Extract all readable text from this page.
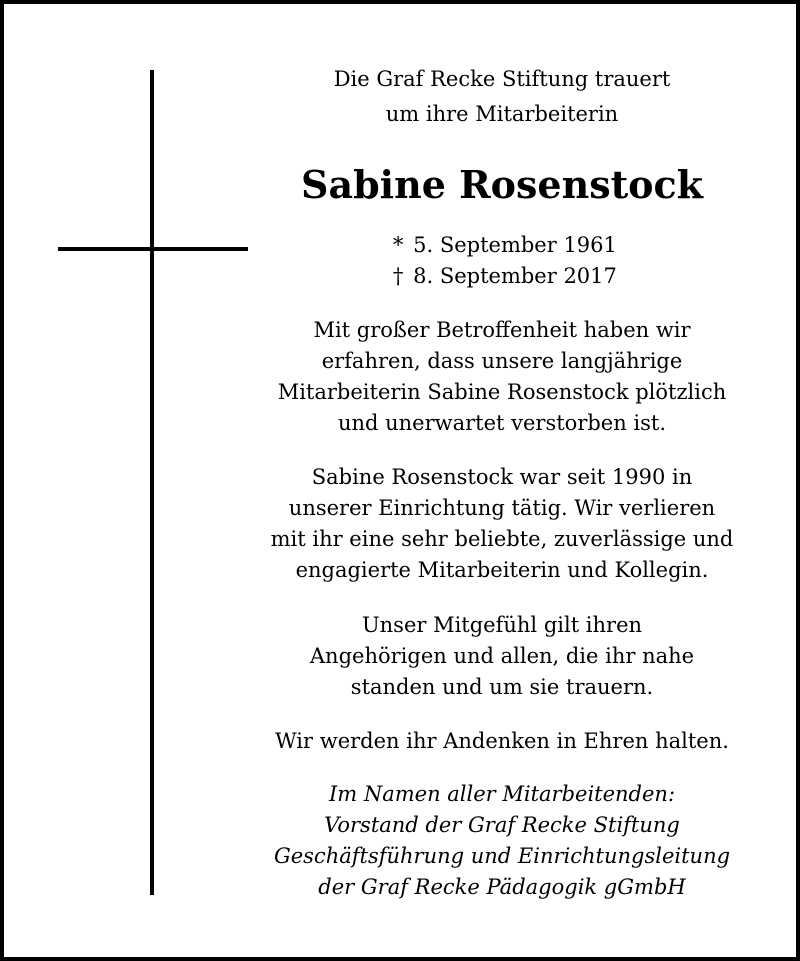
Die Graf Recke Stiftung trauert
um ihre Mitarbeiterin
Sabine Rosenstock
* 5. September 1961
† 8. September 2017

Mit großer Betroffenheit haben wir
erfahren, dass unsere langjährige
Mitarbeiterin Sabine Rosenstock plötzlich
und unerwartet verstorben ist.

Sabine Rosenstock war seit 1990 in
unserer Einrichtung tätig. Wir verlieren
mit ihr eine sehr beliebte, zuverlässige und
engagierte Mitarbeiterin und Kollegin.

Unser Mitgefühl gilt ihren
Angehörigen und allen, die ihr nahe
standen und um sie trauern.

Wir werden ihr Andenken in Ehren halten.

Im Namen aller Mitarbeitenden:
Vorstand der Graf Recke Stiftung
Geschäftsführung und Einrichtungsleitung
der Graf Recke Pädagogik gGmbH
